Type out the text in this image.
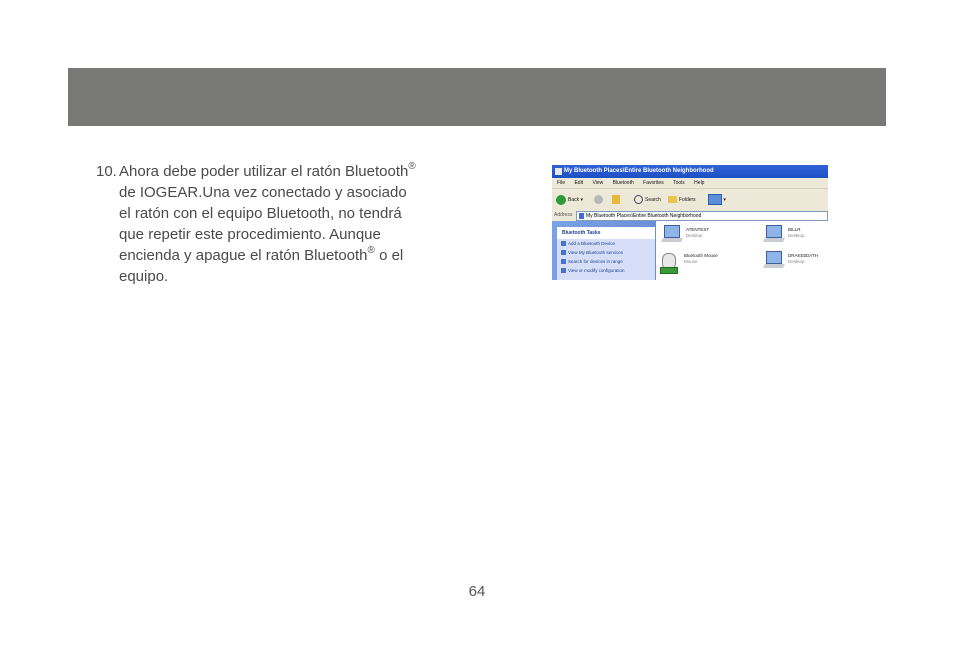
10. Ahora debe poder utilizar el ratón Bluetooth®
de IOGEAR.Una vez conectado y asociado
el ratón con el equipo Bluetooth, no tendrá
que repetir este procedimiento. Aunque
encienda y apague el ratón Bluetooth® o el
equipo.
My Bluetooth Places\Entire Bluetooth Neighborhood
File Edit View Bluetooth Favorites Tools Help
Back ▾	Search	Folders	▾
Address	My Bluetooth Places\Entire Bluetooth Neighborhood
Bluetooth Tasks
Add a Bluetooth Device
View My Bluetooth services
Search for devices in range
View or modify configuration
ATENTEST
Desktop
BILLR
Desktop
Bluetooth Mouse
Mouse
DRAKE5DATH
Desktop
64
